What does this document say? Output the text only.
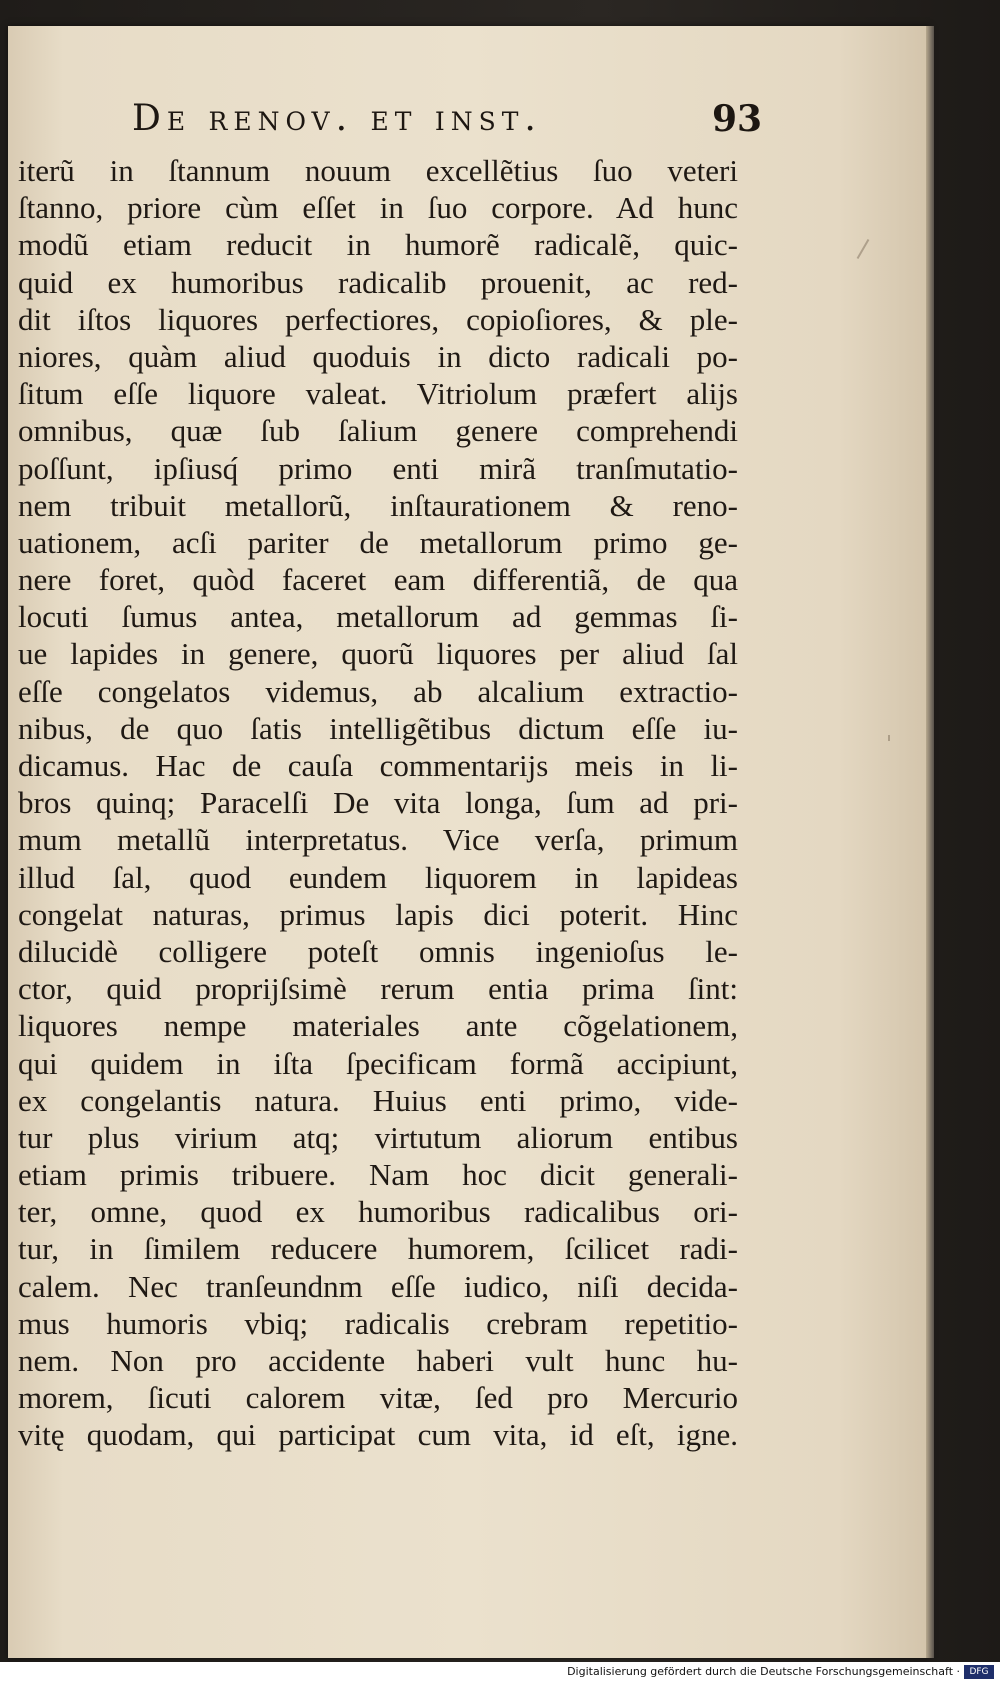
De renov. et inst.	93
iterũ in ſtannum nouum excellẽtius ſuo veteri
ſtanno, priore cùm eſſet in ſuo corpore. Ad hunc
modũ etiam reducit in humorẽ radicalẽ, quic-
quid ex humoribus radicalib prouenit, ac red-
dit iſtos liquores perfectiores, copioſiores, & ple-
niores, quàm aliud quoduis in dicto radicali po-
ſitum eſſe liquore valeat. Vitriolum præfert alijs
omnibus, quæ ſub ſalium genere comprehendi
poſſunt, ipſiusq́ primo enti mirã tranſmutatio-
nem tribuit metallorũ, inſtaurationem & reno-
uationem, acſi pariter de metallorum primo ge-
nere foret, quòd faceret eam differentiã, de qua
locuti ſumus antea, metallorum ad gemmas ſi-
ue lapides in genere, quorũ liquores per aliud ſal
eſſe congelatos videmus, ab alcalium extractio-
nibus, de quo ſatis intelligẽtibus dictum eſſe iu-
dicamus. Hac de cauſa commentarijs meis in li-
bros quinq; Paracelſi De vita longa, ſum ad pri-
mum metallũ interpretatus. Vice verſa, primum
illud ſal, quod eundem liquorem in lapideas
congelat naturas, primus lapis dici poterit. Hinc
dilucidè colligere poteſt omnis ingenioſus le-
ctor, quid proprijſsimè rerum entia prima ſint:
liquores nempe materiales ante cõgelationem,
qui quidem in iſta ſpecificam formã accipiunt,
ex congelantis natura. Huius enti primo, vide-
tur plus virium atq; virtutum aliorum entibus
etiam primis tribuere. Nam hoc dicit generali-
ter, omne, quod ex humoribus radicalibus ori-
tur, in ſimilem reducere humorem, ſcilicet radi-
calem. Nec tranſeundnm eſſe iudico, niſi decida-
mus humoris vbiq; radicalis crebram repetitio-
nem. Non pro accidente haberi vult hunc hu-
morem, ſicuti calorem vitæ, ſed pro Mercurio
vitę quodam, qui participat cum vita, id eſt, igne.
Digitalisierung gefördert durch die Deutsche Forschungsgemeinschaft ·	DFG
